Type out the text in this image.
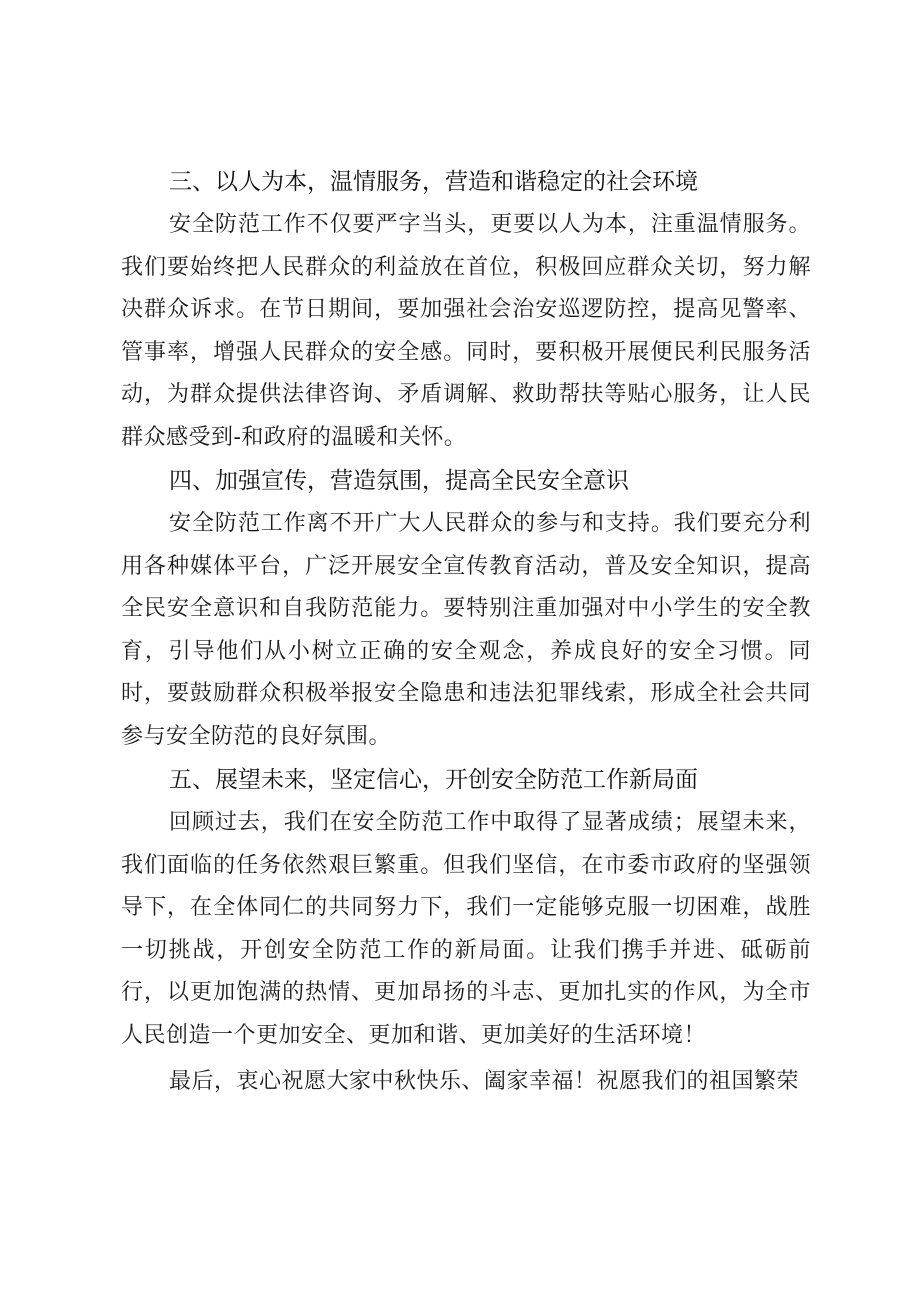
三、以人为本，温情服务，营造和谐稳定的社会环境

安全防范工作不仅要严字当头，更要以人为本，注重温情服务。我们要始终把人民群众的利益放在首位，积极回应群众关切，努力解决群众诉求。在节日期间，要加强社会治安巡逻防控，提高见警率、管事率，增强人民群众的安全感。同时，要积极开展便民利民服务活动，为群众提供法律咨询、矛盾调解、救助帮扶等贴心服务，让人民群众感受到-和政府的温暖和关怀。

四、加强宣传，营造氛围，提高全民安全意识

安全防范工作离不开广大人民群众的参与和支持。我们要充分利用各种媒体平台，广泛开展安全宣传教育活动，普及安全知识，提高全民安全意识和自我防范能力。要特别注重加强对中小学生的安全教育，引导他们从小树立正确的安全观念，养成良好的安全习惯。同时，要鼓励群众积极举报安全隐患和违法犯罪线索，形成全社会共同参与安全防范的良好氛围。

五、展望未来，坚定信心，开创安全防范工作新局面

回顾过去，我们在安全防范工作中取得了显著成绩；展望未来，我们面临的任务依然艰巨繁重。但我们坚信，在市委市政府的坚强领导下，在全体同仁的共同努力下，我们一定能够克服一切困难，战胜一切挑战，开创安全防范工作的新局面。让我们携手并进、砥砺前行，以更加饱满的热情、更加昂扬的斗志、更加扎实的作风，为全市人民创造一个更加安全、更加和谐、更加美好的生活环境！

最后，衷心祝愿大家中秋快乐、阖家幸福！祝愿我们的祖国繁荣
